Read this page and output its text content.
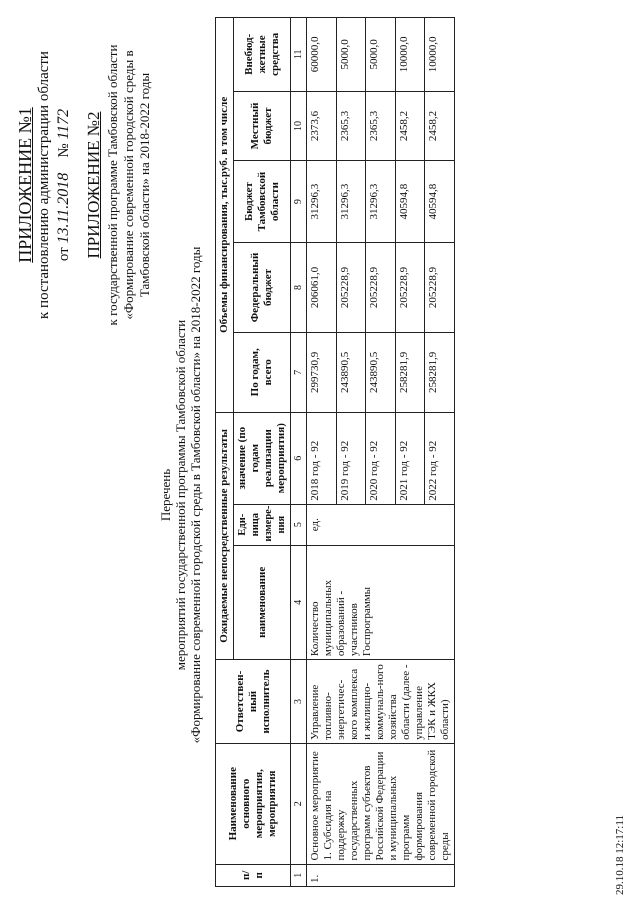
ПРИЛОЖЕНИЕ №1 к постановлению администрации области от 13.11.2018    № 1172 ПРИЛОЖЕНИЕ №2 к государственной программе Тамбовской области «Формирование современной городской среды в Тамбовской области» на 2018-2022 годы
Перечень мероприятий государственной программы Тамбовской области «Формирование современной городской среды в Тамбовской области» на 2018-2022 годы
п/п	Наименование основного мероприятия, мероприятия	Ответствен-ный исполнитель	Ожидаемые непосредственные результаты			Объемы финансирования, тыс.руб. в том числе				
			наименование	Еди-ница измере-ния	значение (по годам реализации мероприятия)	По годам, всего	Федеральный бюджет	Бюджет Тамбовской области	Местный бюджет	Внебюд-жетные средства
1	2	3	4	5	6	7	8	9	10	11
1.	Основное мероприятие 1. Субсидия на поддержку государственных программ субъектов Российской Федерации и муниципальных программ формирования современной городской среды	Управление топливно-энергетичес-кого комплекса и жилищно-коммуналь-ного хозяйства области (далее - управление ТЭК и ЖКХ области)	Количество муниципальных образований - участников Госпрограммы	ед.	2018 год - 92	299730,9	206061,0	31296,3	2373,6	60000,0
					2019 год - 92	243890,5	205228,9	31296,3	2365,3	5000,0
					2020 год - 92	243890,5	205228,9	31296,3	2365,3	5000,0
					2021 год - 92	258281,9	205228,9	40594,8	2458,2	10000,0
					2022 год - 92	258281,9	205228,9	40594,8	2458,2	10000,0
29.10.18 12:17:11
